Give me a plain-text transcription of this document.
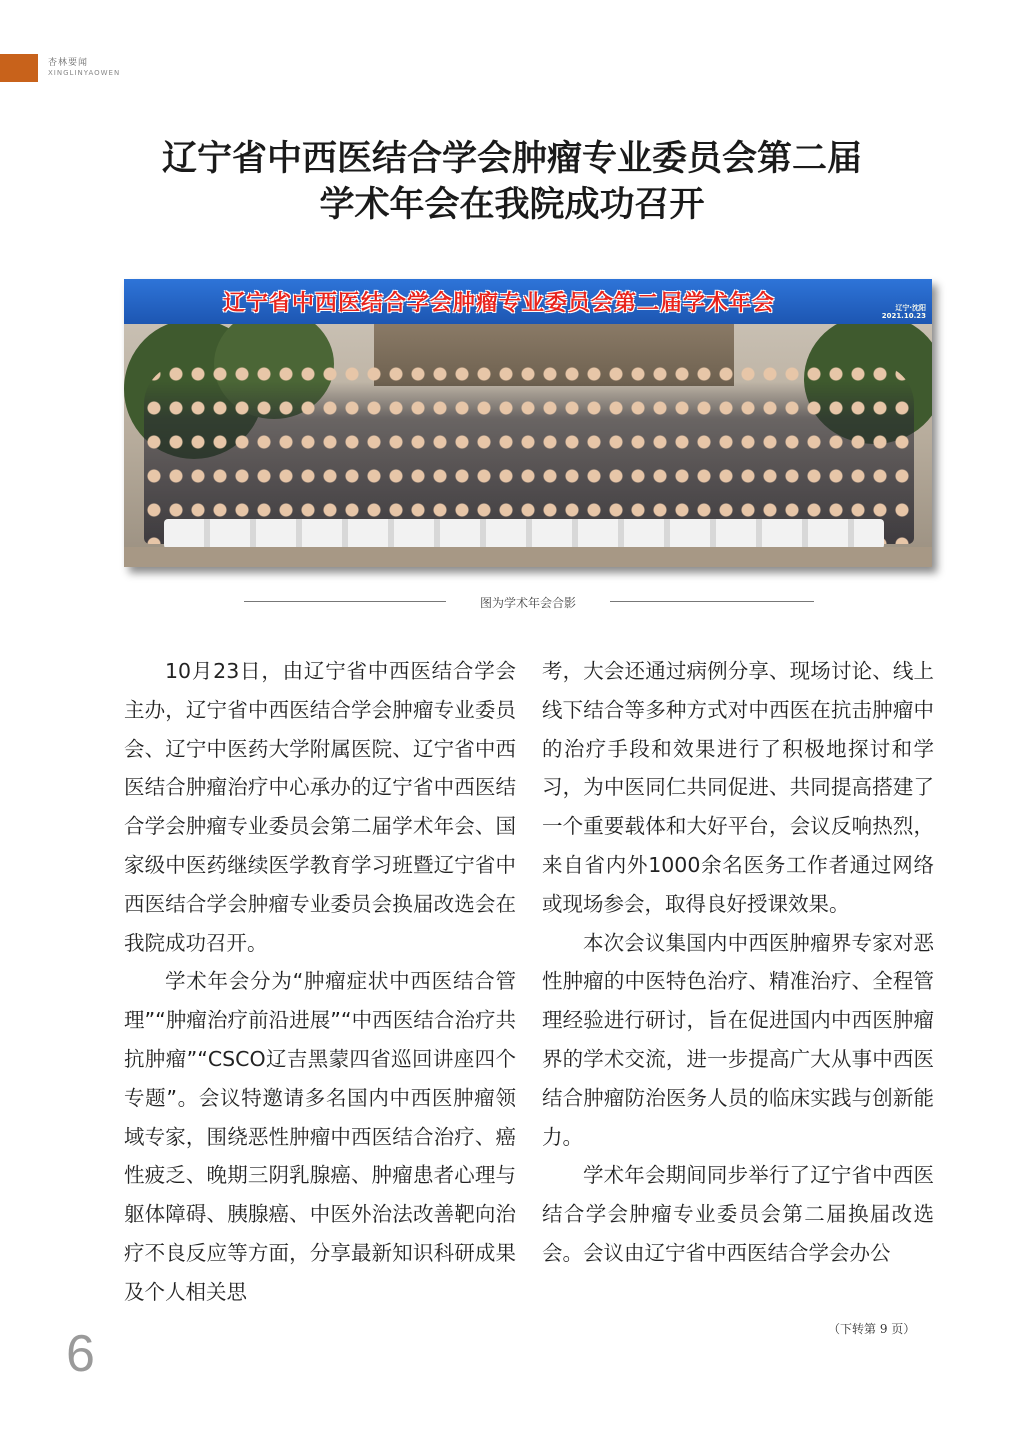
杏林要闻
XINGLINYAOWEN
辽宁省中西医结合学会肿瘤专业委员会第二届
学术年会在我院成功召开
辽宁省中西医结合学会肿瘤专业委员会第二届学术年会	辽宁·沈阳
2021.10.23
图为学术年会合影

10月23日，由辽宁省中西医结合学会主办，辽宁省中西医结合学会肿瘤专业委员会、辽宁中医药大学附属医院、辽宁省中西医结合肿瘤治疗中心承办的辽宁省中西医结合学会肿瘤专业委员会第二届学术年会、国家级中医药继续医学教育学习班暨辽宁省中西医结合学会肿瘤专业委员会换届改选会在我院成功召开。

学术年会分为“肿瘤症状中西医结合管理”“肿瘤治疗前沿进展”“中西医结合治疗共抗肿瘤”“CSCO辽吉黑蒙四省巡回讲座四个专题”。会议特邀请多名国内中西医肿瘤领域专家，围绕恶性肿瘤中西医结合治疗、癌性疲乏、晚期三阴乳腺癌、肿瘤患者心理与躯体障碍、胰腺癌、中医外治法改善靶向治疗不良反应等方面，分享最新知识科研成果及个人相关思

考，大会还通过病例分享、现场讨论、线上线下结合等多种方式对中西医在抗击肿瘤中的治疗手段和效果进行了积极地探讨和学习，为中医同仁共同促进、共同提高搭建了一个重要载体和大好平台，会议反响热烈，来自省内外1000余名医务工作者通过网络或现场参会，取得良好授课效果。

本次会议集国内中西医肿瘤界专家对恶性肿瘤的中医特色治疗、精准治疗、全程管理经验进行研讨，旨在促进国内中西医肿瘤界的学术交流，进一步提高广大从事中西医结合肿瘤防治医务人员的临床实践与创新能力。

学术年会期间同步举行了辽宁省中西医结合学会肿瘤专业委员会第二届换届改选会。会议由辽宁省中西医结合学会办公

（下转第 9 页）
6
